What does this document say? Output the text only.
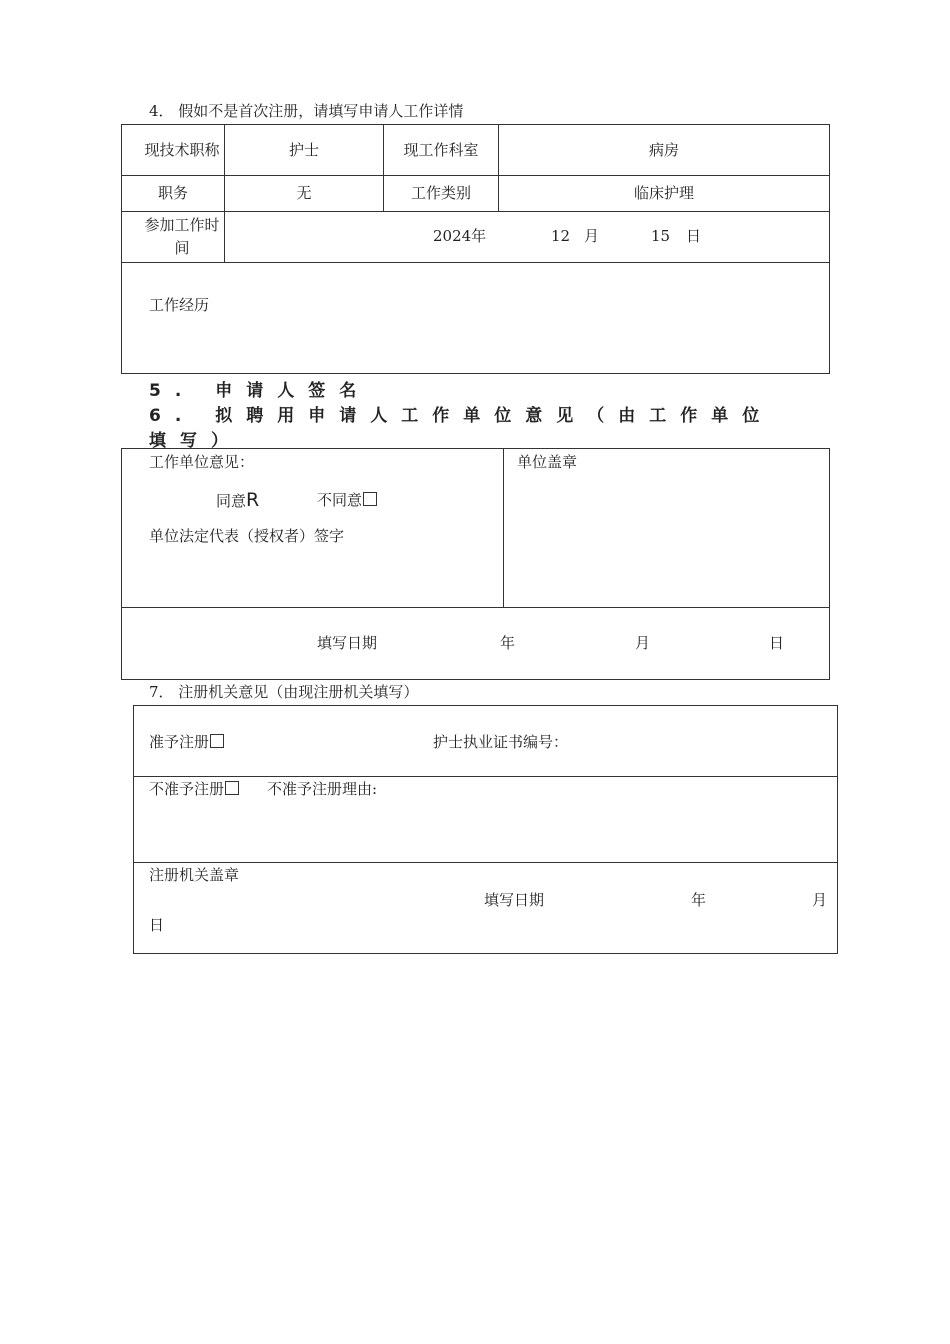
4． 假如不是首次注册，请填写申请人工作详情
现技术职称	护士	现工作科室	病房
职务	无	工作类别	临床护理
参加工作时间
2024年	12 月	15 日
工作经历
5. 申请人签名
6. 拟聘用申请人工作单位意见（由工作单位
填写）
工作单位意见：
同意R	不同意
单位法定代表（授权者）签字
单位盖章
填写日期	年	月	日
7． 注册机关意见（由现注册机关填写）
准予注册	护士执业证书编号：
不准予注册	不准予注册理由:
注册机关盖章
填写日期	年	月
日
